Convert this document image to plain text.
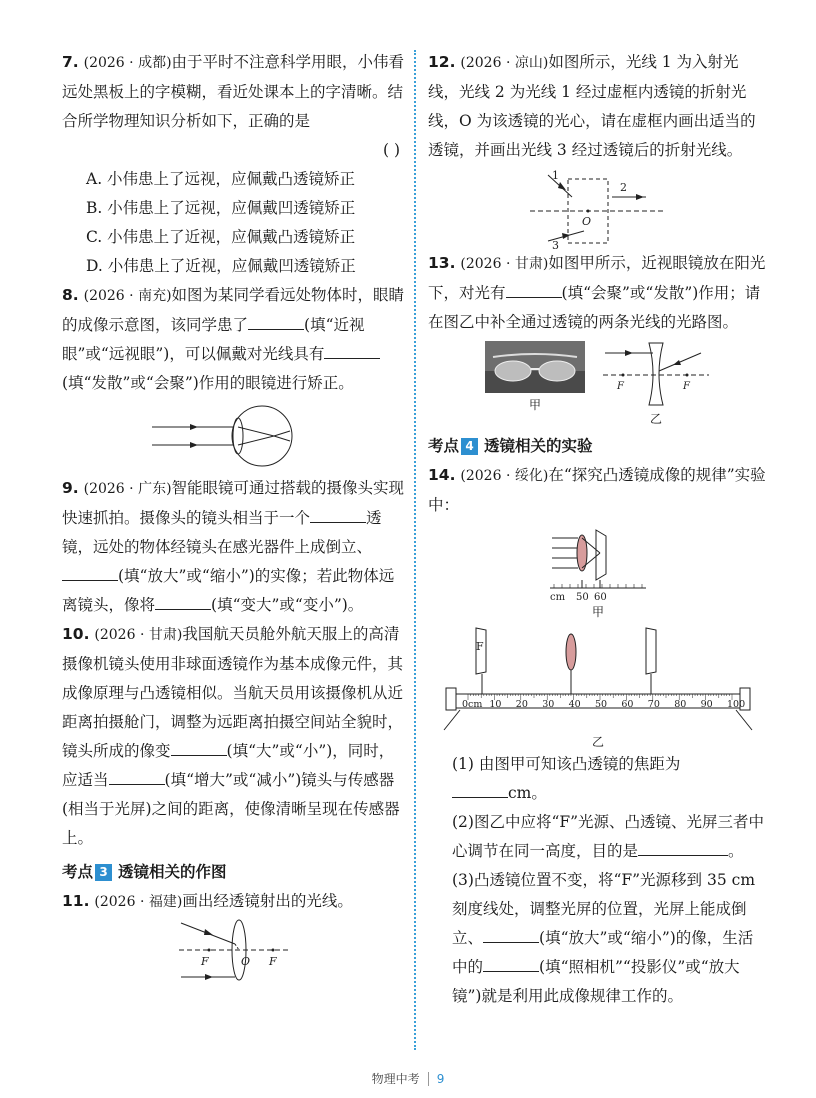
7. (2026 · 成都)由于平时不注意科学用眼，小伟看远处黑板上的字模糊，看近处课本上的字清晰。结合所学物理知识分析如下，正确的是

( )
A. 小伟患上了远视，应佩戴凸透镜矫正
B. 小伟患上了远视，应佩戴凹透镜矫正
C. 小伟患上了近视，应佩戴凸透镜矫正
D. 小伟患上了近视，应佩戴凹透镜矫正

8. (2026 · 南充)如图为某同学看远处物体时，眼睛的成像示意图，该同学患了	(填“近视眼”或“远视眼”)，可以佩戴对光线具有(填“发散”或“会聚”)作用的眼镜进行矫正。

9. (2026 · 广东)智能眼镜可通过搭载的摄像头实现快速抓拍。摄像头的镜头相当于一个	透镜，远处的物体经镜头在感光器件上成倒立、(填“放大”或“缩小”)的实像；若此物体远离镜头，像将	(填“变大”或“变小”)。

10. (2026 · 甘肃)我国航天员舱外航天服上的高清摄像机镜头使用非球面透镜作为基本成像元件，其成像原理与凸透镜相似。当航天员用该摄像机从近距离拍摄舱门，调整为远距离拍摄空间站全貌时，镜头所成的像变	(填“大”或“小”)，同时，应适当	(填“增大”或“减小”)镜头与传感器(相当于光屏)之间的距离，使像清晰呈现在传感器上。

考点 3 透镜相关的作图

11. (2026 · 福建)画出经透镜射出的光线。

F	O F

12. (2026 · 凉山)如图所示，光线 1 为入射光线，光线 2 为光线 1 经过虚框内透镜的折射光线，O 为该透镜的光心，请在虚框内画出适当的透镜，并画出光线 3 经过透镜后的折射光线。

1
2
3
O

13. (2026 · 甘肃)如图甲所示，近视眼镜放在阳光下，对光有	(填“会聚”或“发散”)作用；请在图乙中补全通过透镜的两条光线的光路图。

甲
F	F
乙
考点 4 透镜相关的实验

14. (2026 · 绥化)在“探究凸透镜成像的规律”实验中：

cm 50 60
甲
F
0cm 10 20 30 40 50 60 70 80 90 100
乙

(1) 由图甲可知该凸透镜的焦距为
cm。

(2)图乙中应将“F”光源、凸透镜、光屏三者中心调节在同一高度，目的是	。

(3)凸透镜位置不变，将“F”光源移到 35 cm 刻度线处，调整光屏的位置，光屏上能成倒立、	(填“放大”或“缩小”)的像，生活中的	(填“照相机”“投影仪”或“放大镜”)就是利用此成像规律工作的。

物理中考 9
